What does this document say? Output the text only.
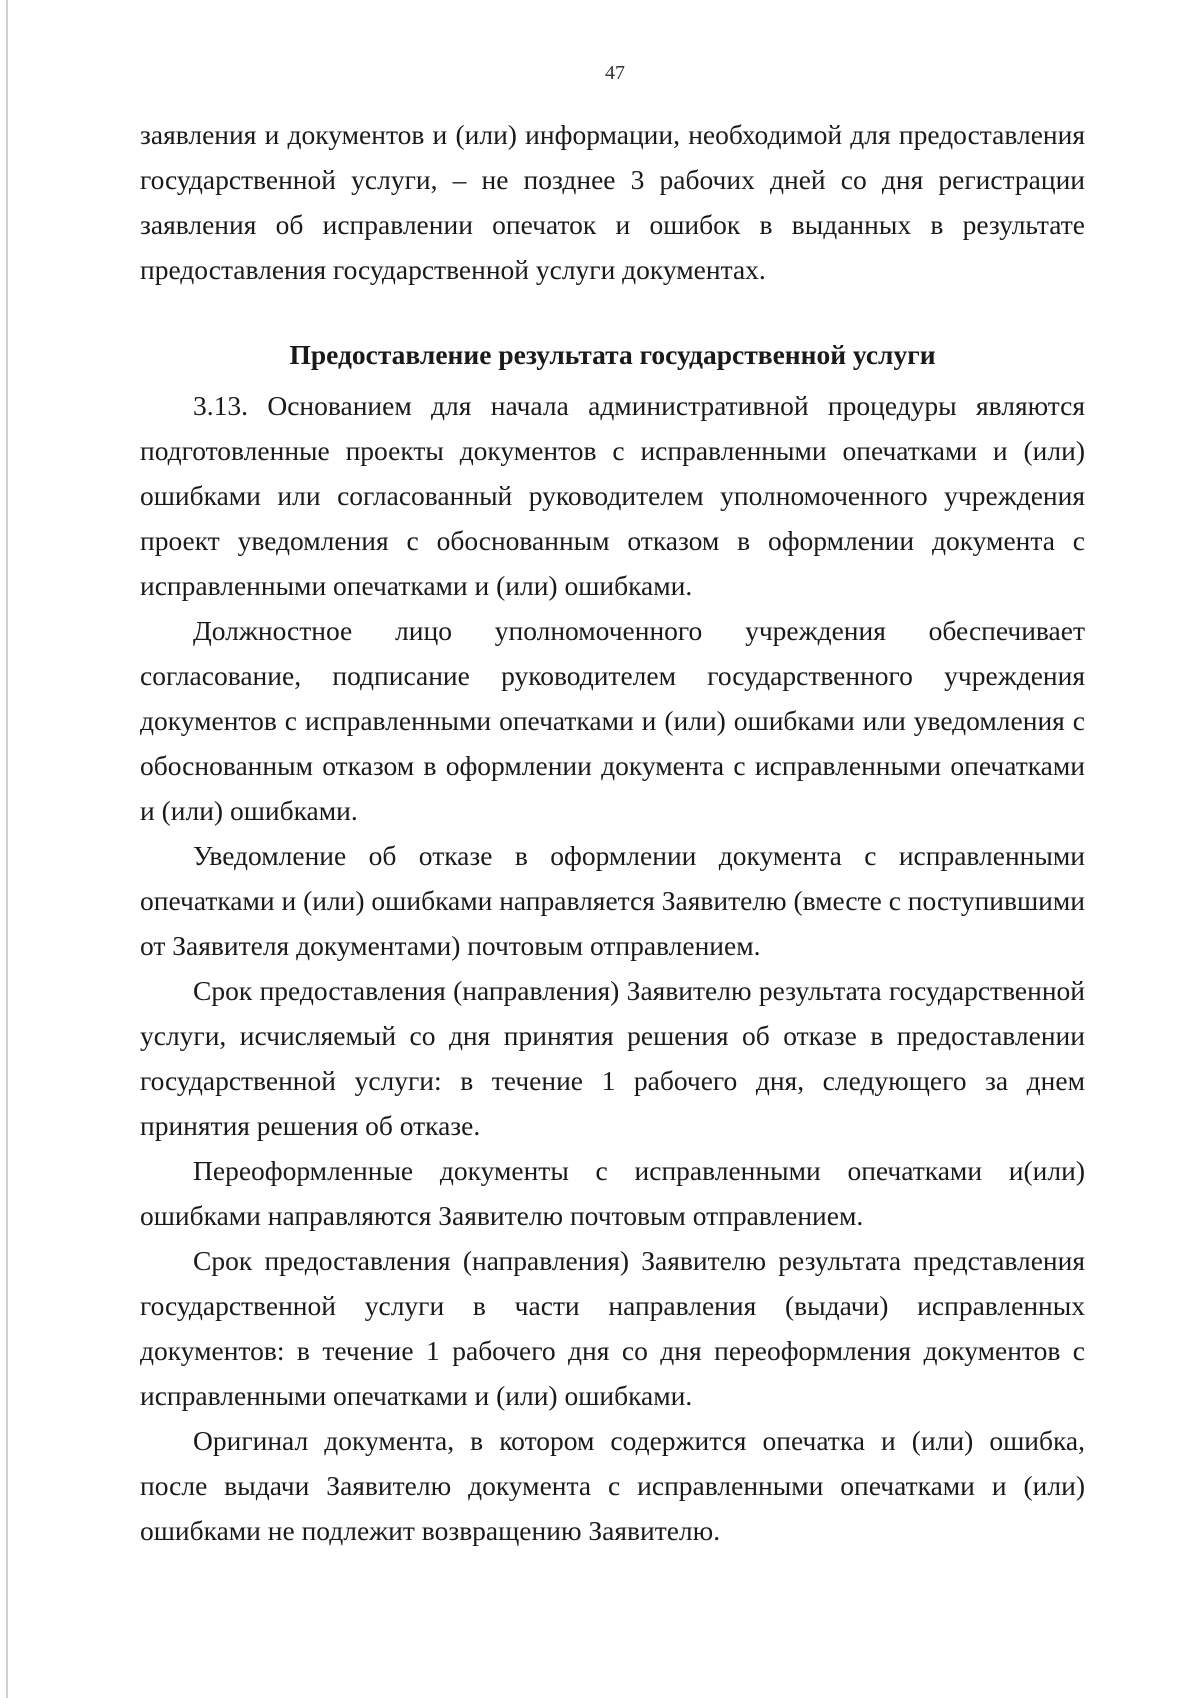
47

заявления и документов и (или) информации, необходимой для предоставления государственной услуги, – не позднее 3 рабочих дней со дня регистрации заявления об исправлении опечаток и ошибок в выданных в результате предоставления государственной услуги документах.

Предоставление результата государственной услуги

3.13. Основанием для начала административной процедуры являются подготовленные проекты документов с исправленными опечатками и (или) ошибками или согласованный руководителем уполномоченного учреждения проект уведомления с обоснованным отказом в оформлении документа с исправленными опечатками и (или) ошибками.

Должностное лицо уполномоченного учреждения обеспечивает согласование, подписание руководителем государственного учреждения документов с исправленными опечатками и (или) ошибками или уведомления с обоснованным отказом в оформлении документа с исправленными опечатками и (или) ошибками.

Уведомление об отказе в оформлении документа с исправленными опечатками и (или) ошибками направляется Заявителю (вместе с поступившими от Заявителя документами) почтовым отправлением.

Срок предоставления (направления) Заявителю результата государственной услуги, исчисляемый со дня принятия решения об отказе в предоставлении государственной услуги: в течение 1 рабочего дня, следующего за днем принятия решения об отказе.

Переоформленные документы с исправленными опечатками и(или) ошибками направляются Заявителю почтовым отправлением.

Срок предоставления (направления) Заявителю результата представления государственной услуги в части направления (выдачи) исправленных документов: в течение 1 рабочего дня со дня переоформления документов с исправленными опечатками и (или) ошибками.

Оригинал документа, в котором содержится опечатка и (или) ошибка, после выдачи Заявителю документа с исправленными опечатками и (или) ошибками не подлежит возвращению Заявителю.
